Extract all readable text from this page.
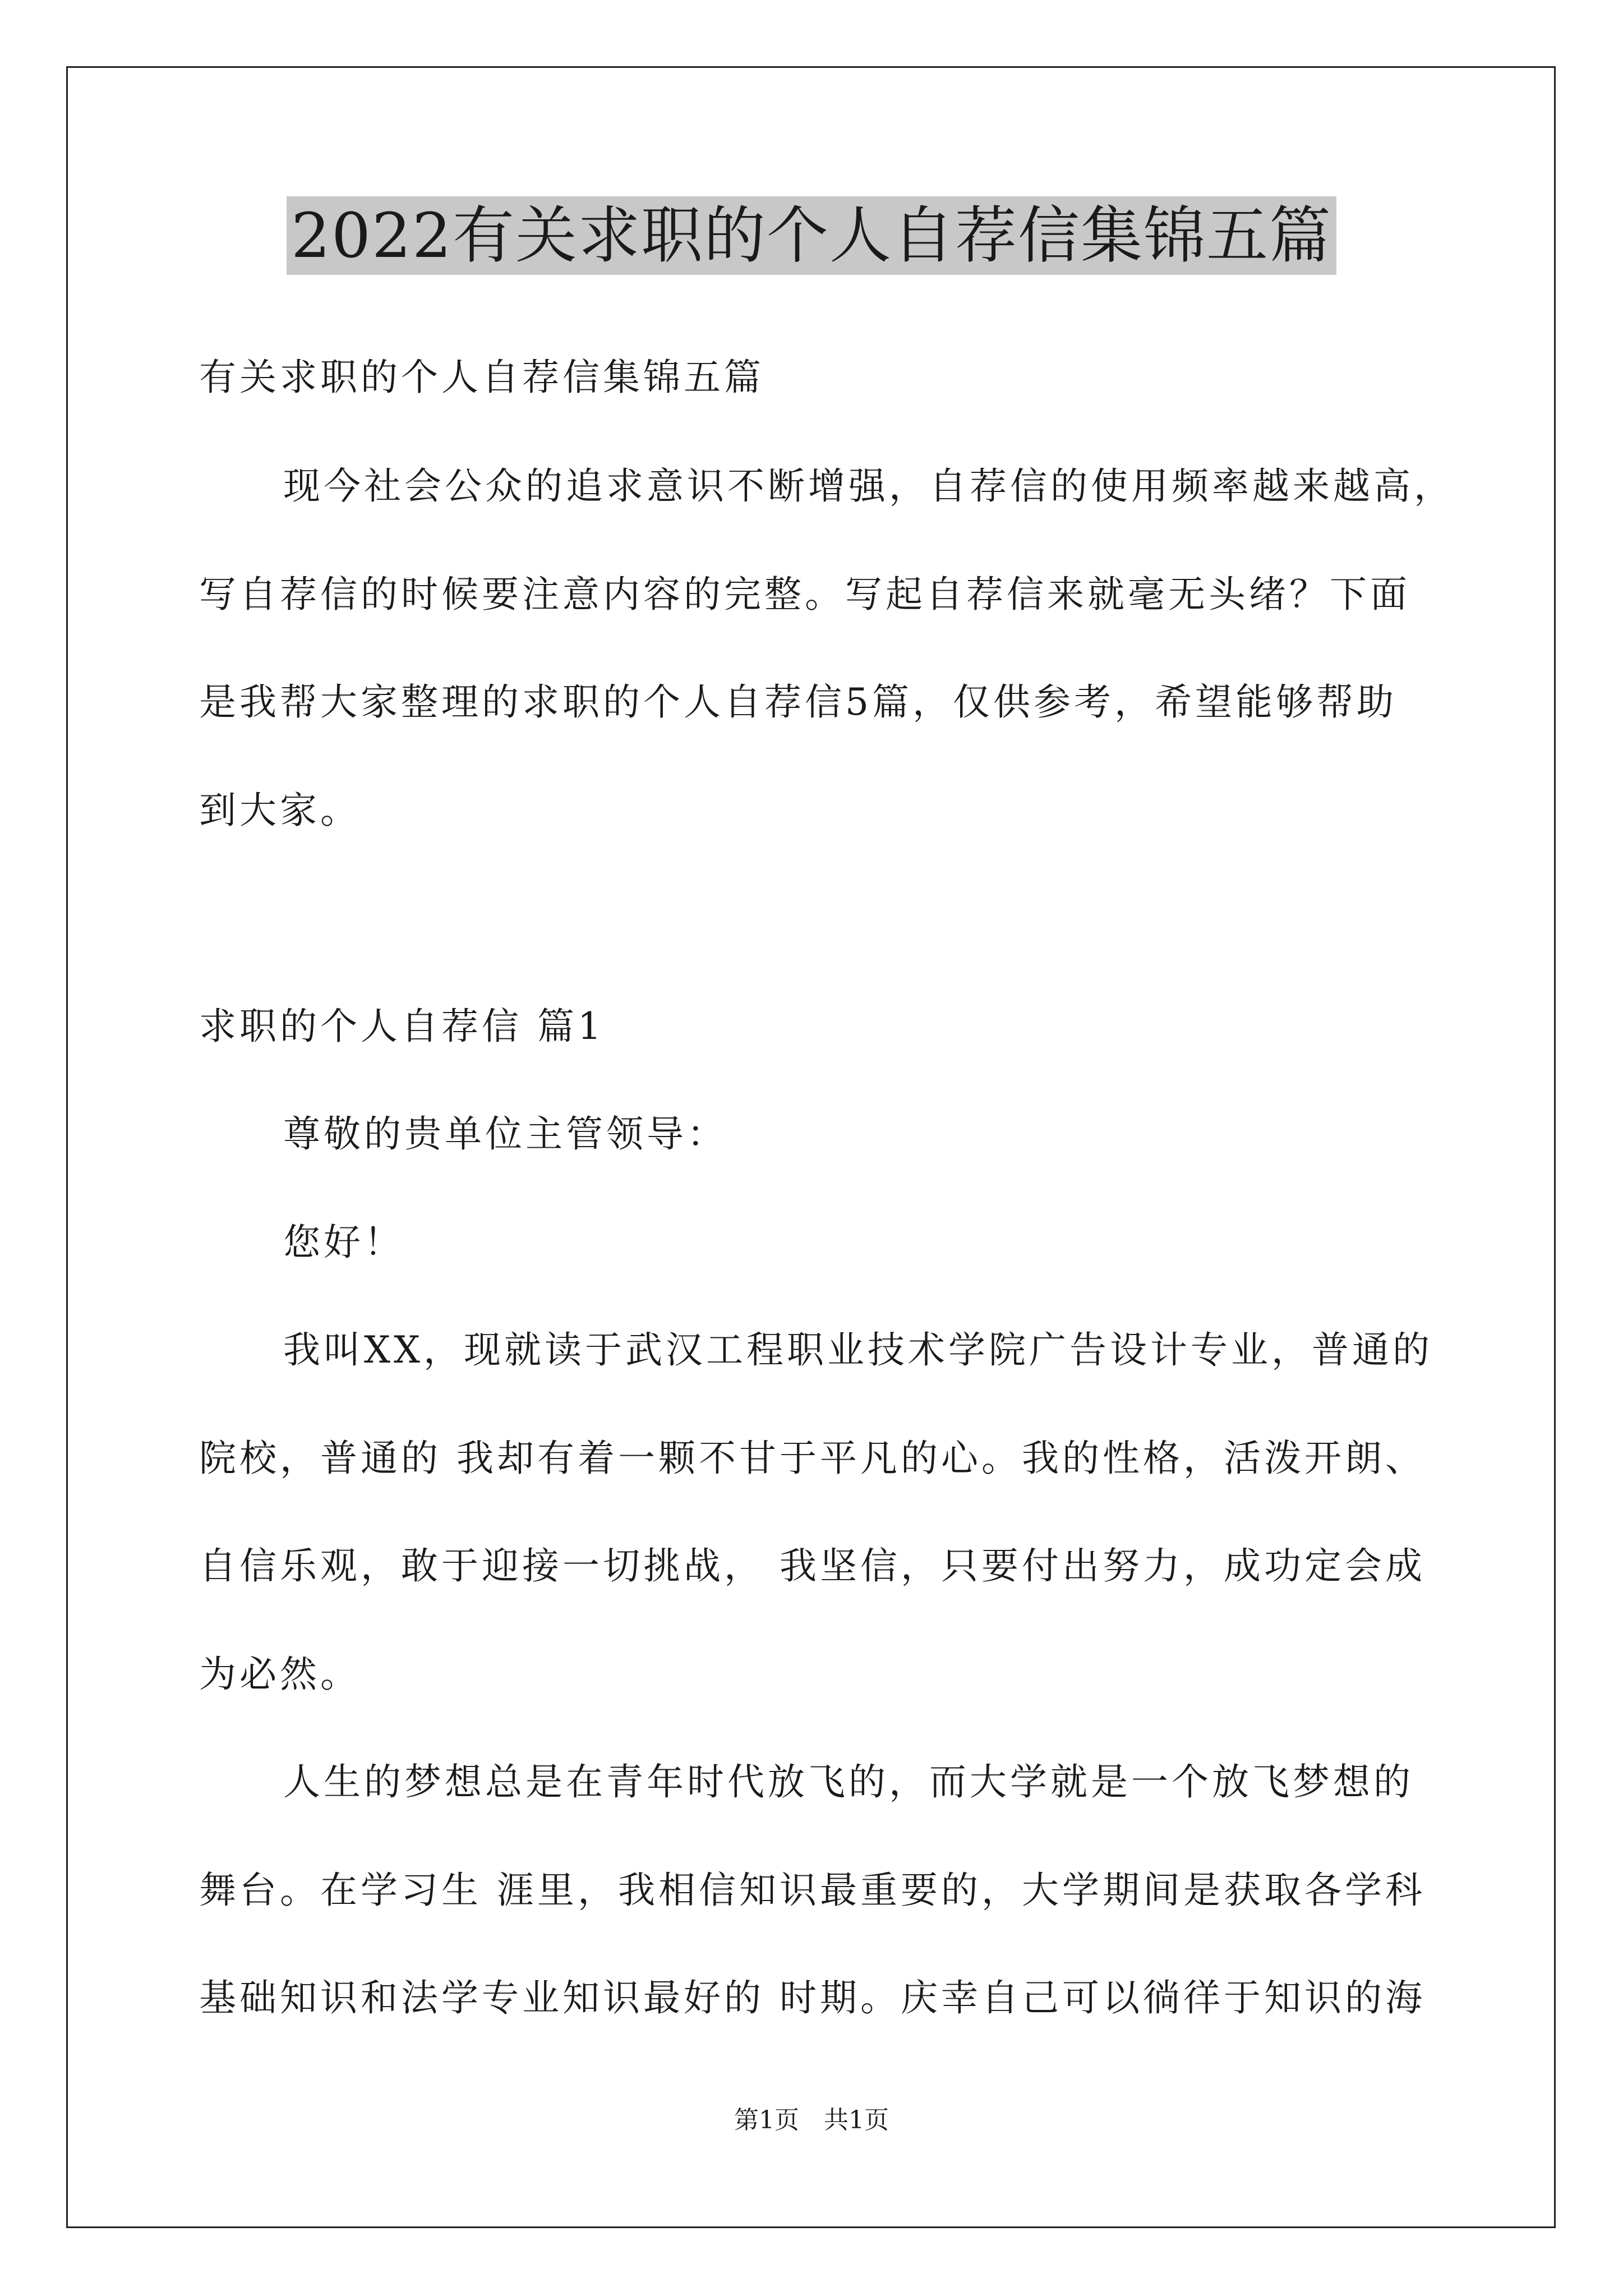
2022有关求职的个人自荐信集锦五篇
有关求职的个人自荐信集锦五篇
现今社会公众的追求意识不断增强，自荐信的使用频率越来越高，
写自荐信的时候要注意内容的完整。写起自荐信来就毫无头绪？下面
是我帮大家整理的求职的个人自荐信5篇，仅供参考，希望能够帮助
到大家。
求职的个人自荐信 篇1
尊敬的贵单位主管领导：
您好！
我叫XX，现就读于武汉工程职业技术学院广告设计专业，普通的
院校，普通的 我却有着一颗不甘于平凡的心。我的性格，活泼开朗、
自信乐观，敢于迎接一切挑战， 我坚信，只要付出努力，成功定会成
为必然。
人生的梦想总是在青年时代放飞的，而大学就是一个放飞梦想的
舞台。在学习生 涯里，我相信知识最重要的，大学期间是获取各学科
基础知识和法学专业知识最好的 时期。庆幸自己可以徜徉于知识的海
第1页　共1页
